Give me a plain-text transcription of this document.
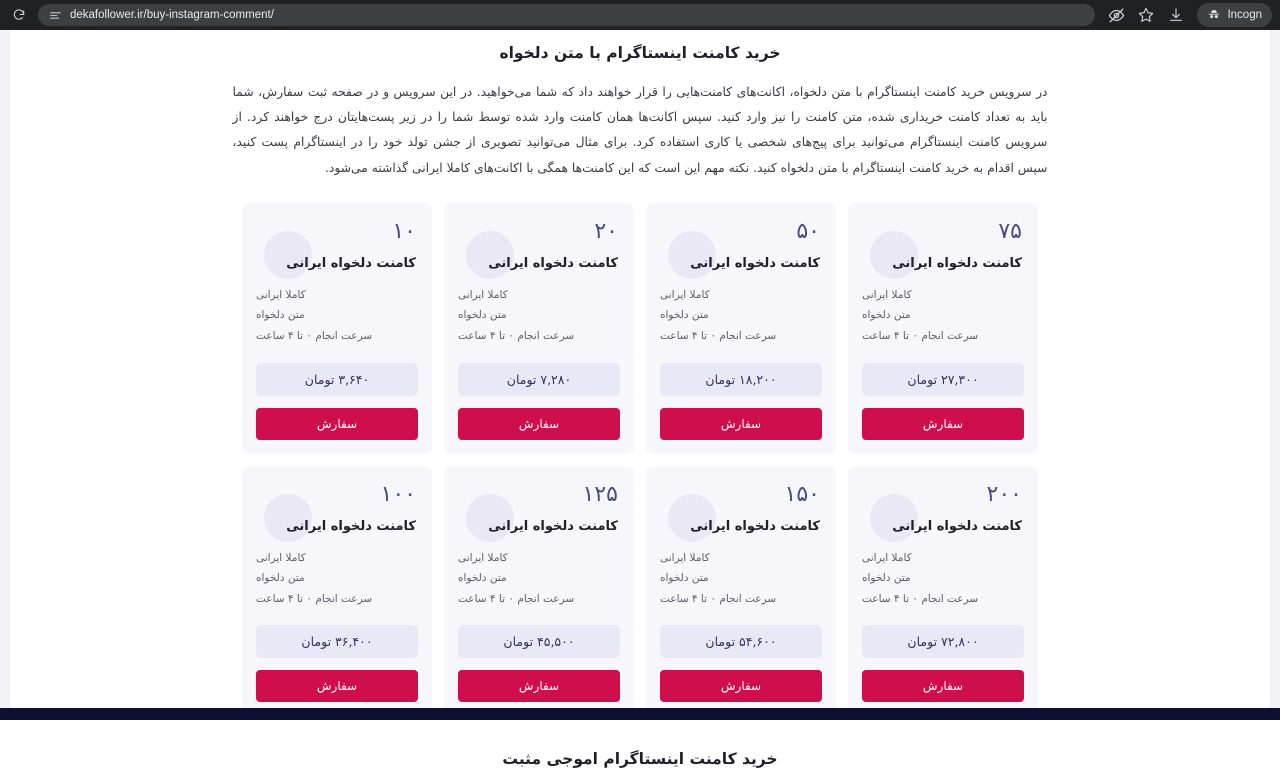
dekafollower.ir/buy-instagram-comment/	Incogn
خرید کامنت اینستاگرام با متن دلخواه

در سرویس خرید کامنت اینستاگرام با متن دلخواه، اکانت‌های کامنت‌هایی را قرار خواهند داد که شما می‌خواهید. در این سرویس و در صفحه ثبت سفارش، شما باید به تعداد کامنت خریداری شده، متن کامنت را نیز وارد کنید. سپس اکانت‌ها همان کامنت وارد شده توسط شما را در زیر پست‌هایتان درج خواهند کرد. از سرویس کامنت اینستاگرام می‌توانید برای پیج‌های شخصی یا کاری استفاده کرد. برای مثال می‌توانید تصویری از جشن تولد خود را در اینستاگرام پست کنید، سپس اقدام به خرید کامنت اینستاگرام با متن دلخواه کنید. نکته مهم این است که این کامنت‌ها همگی با اکانت‌های کاملا ایرانی گذاشته می‌شود.

۷۵
کامنت دلخواه ایرانی
کاملا ایرانی
متن دلخواه
سرعت انجام ۰ تا ۴ ساعت
۲۷,۳۰۰ تومان
سفارش
۵۰
کامنت دلخواه ایرانی
کاملا ایرانی
متن دلخواه
سرعت انجام ۰ تا ۴ ساعت
۱۸,۲۰۰ تومان
سفارش
۲۰
کامنت دلخواه ایرانی
کاملا ایرانی
متن دلخواه
سرعت انجام ۰ تا ۴ ساعت
۷,۲۸۰ تومان
سفارش
۱۰
کامنت دلخواه ایرانی
کاملا ایرانی
متن دلخواه
سرعت انجام ۰ تا ۴ ساعت
۳,۶۴۰ تومان
سفارش
۲۰۰
کامنت دلخواه ایرانی
کاملا ایرانی
متن دلخواه
سرعت انجام ۰ تا ۴ ساعت
۷۲,۸۰۰ تومان
سفارش
۱۵۰
کامنت دلخواه ایرانی
کاملا ایرانی
متن دلخواه
سرعت انجام ۰ تا ۴ ساعت
۵۴,۶۰۰ تومان
سفارش
۱۲۵
کامنت دلخواه ایرانی
کاملا ایرانی
متن دلخواه
سرعت انجام ۰ تا ۴ ساعت
۴۵,۵۰۰ تومان
سفارش
۱۰۰
کامنت دلخواه ایرانی
کاملا ایرانی
متن دلخواه
سرعت انجام ۰ تا ۴ ساعت
۳۶,۴۰۰ تومان
سفارش
خرید کامنت اینستاگرام اموجی مثبت
